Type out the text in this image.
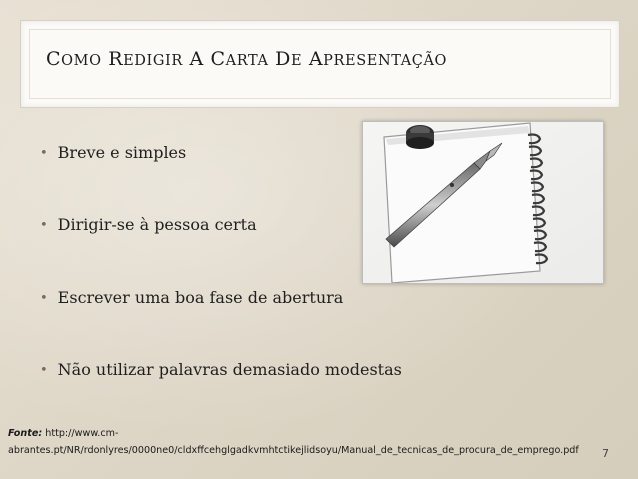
COMO REDIGIR A CARTA DE APRESENTAÇÃO
• Breve e simples
• Dirigir-se à pessoa certa
• Escrever uma boa fase de abertura
• Não utilizar palavras demasiado modestas
Fonte: http://www.cm-abrantes.pt/NR/rdonlyres/0000ne0/cldxffcehglgadkvmhtctikejlidsoyu/Manual_de_tecnicas_de_procura_de_emprego.pdf	7
